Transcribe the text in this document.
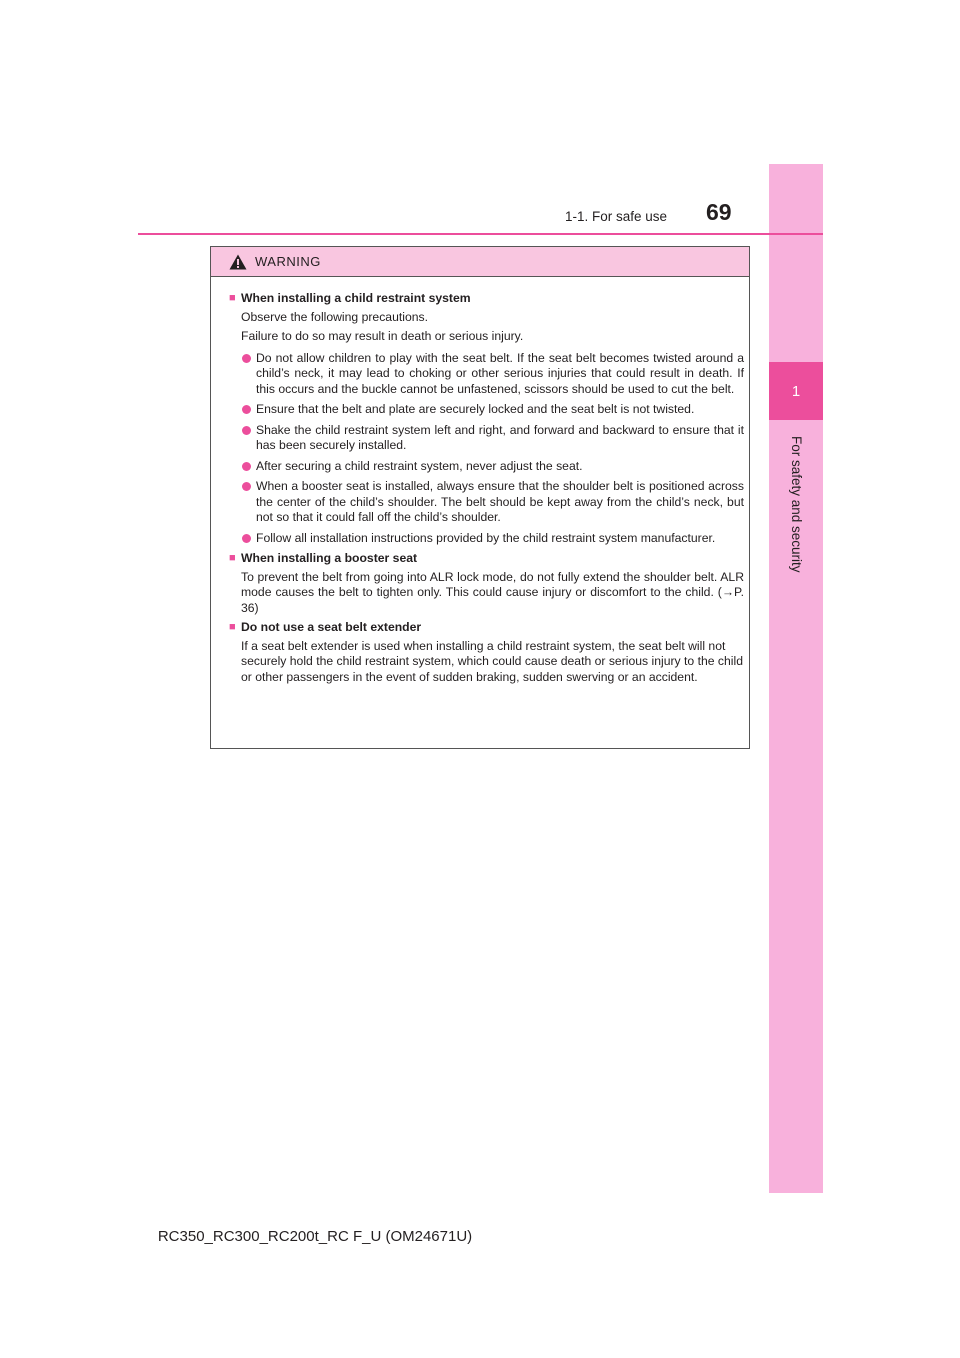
1
For safety and security
1-1. For safe use 69
WARNING
■ When installing a child restraint system
Observe the following precautions.
Failure to do so may result in death or serious injury.
Do not allow children to play with the seat belt. If the seat belt becomes twisted around a child’s neck, it may lead to choking or other serious injuries that could result in death. If this occurs and the buckle cannot be unfastened, scissors should be used to cut the belt.
Ensure that the belt and plate are securely locked and the seat belt is not twisted.
Shake the child restraint system left and right, and forward and backward to ensure that it has been securely installed.
After securing a child restraint system, never adjust the seat.
When a booster seat is installed, always ensure that the shoulder belt is positioned across the center of the child’s shoulder. The belt should be kept away from the child’s neck, but not so that it could fall off the child’s shoulder.
Follow all installation instructions provided by the child restraint system manufacturer.
■ When installing a booster seat
To prevent the belt from going into ALR lock mode, do not fully extend the shoulder belt. ALR mode causes the belt to tighten only. This could cause injury or discomfort to the child. (→P. 36)
■ Do not use a seat belt extender
If a seat belt extender is used when installing a child restraint system, the seat belt will not securely hold the child restraint system, which could cause death or serious injury to the child or other passengers in the event of sudden braking, sudden swerving or an accident.
RC350_RC300_RC200t_RC F_U (OM24671U)
